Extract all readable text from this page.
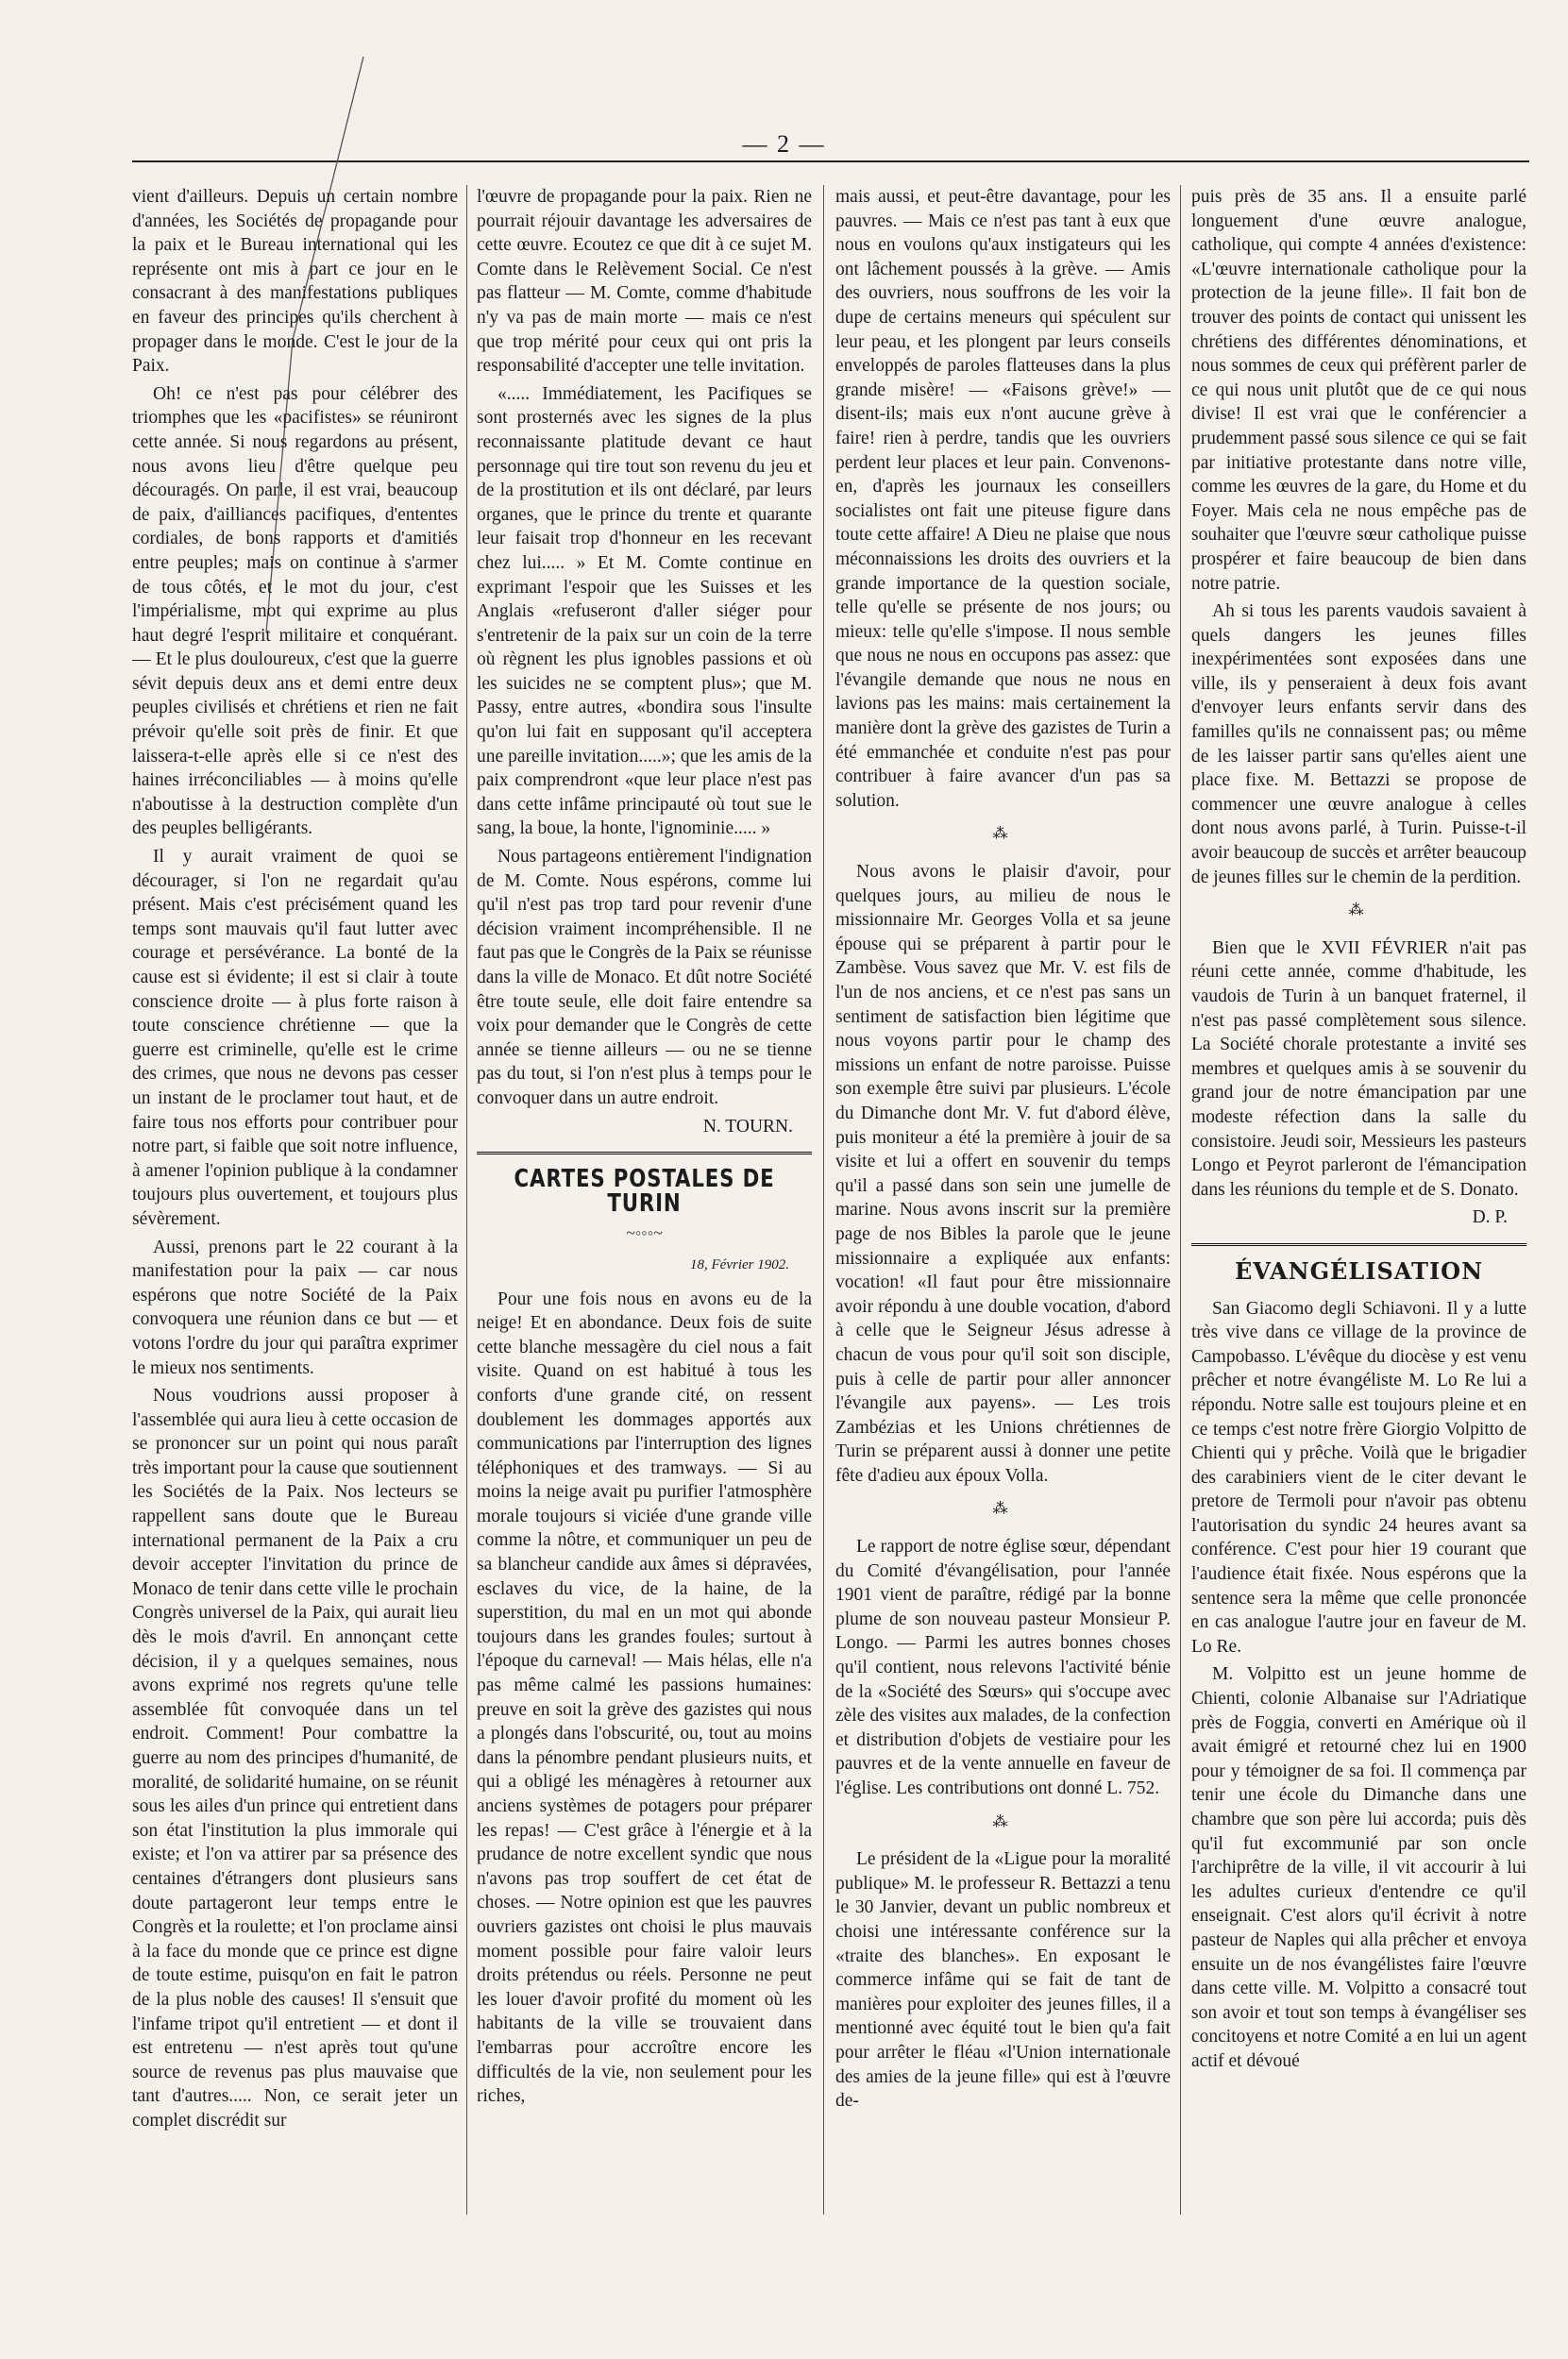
— 2 —

vient d'ailleurs. Depuis un certain nombre d'années, les Sociétés de propagande pour la paix et le Bureau international qui les représente ont mis à part ce jour en le consacrant à des manifestations publiques en faveur des principes qu'ils cherchent à propager dans le monde. C'est le jour de la Paix.

Oh! ce n'est pas pour célébrer des triomphes que les «pacifistes» se réuniront cette année. Si nous regardons au présent, nous avons lieu d'être quelque peu découragés. On parle, il est vrai, beaucoup de paix, d'ailliances pacifiques, d'ententes cordiales, de bons rapports et d'amitiés entre peuples; mais on continue à s'armer de tous côtés, et le mot du jour, c'est l'impérialisme, mot qui exprime au plus haut degré l'esprit militaire et conquérant. — Et le plus douloureux, c'est que la guerre sévit depuis deux ans et demi entre deux peuples civilisés et chrétiens et rien ne fait prévoir qu'elle soit près de finir. Et que laissera-t-elle après elle si ce n'est des haines irréconciliables — à moins qu'elle n'aboutisse à la destruction complète d'un des peuples belligérants.

Il y aurait vraiment de quoi se décourager, si l'on ne regardait qu'au présent. Mais c'est précisément quand les temps sont mauvais qu'il faut lutter avec courage et persévérance. La bonté de la cause est si évidente; il est si clair à toute conscience droite — à plus forte raison à toute conscience chrétienne — que la guerre est criminelle, qu'elle est le crime des crimes, que nous ne devons pas cesser un instant de le proclamer tout haut, et de faire tous nos efforts pour contribuer pour notre part, si faible que soit notre influence, à amener l'opinion publique à la condamner toujours plus ouvertement, et toujours plus sévèrement.

Aussi, prenons part le 22 courant à la manifestation pour la paix — car nous espérons que notre Société de la Paix convoquera une réunion dans ce but — et votons l'ordre du jour qui paraîtra exprimer le mieux nos sentiments.

Nous voudrions aussi proposer à l'assemblée qui aura lieu à cette occasion de se prononcer sur un point qui nous paraît très important pour la cause que soutiennent les Sociétés de la Paix. Nos lecteurs se rappellent sans doute que le Bureau international permanent de la Paix a cru devoir accepter l'invitation du prince de Monaco de tenir dans cette ville le prochain Congrès universel de la Paix, qui aurait lieu dès le mois d'avril. En annonçant cette décision, il y a quelques semaines, nous avons exprimé nos regrets qu'une telle assemblée fût convoquée dans un tel endroit. Comment! Pour combattre la guerre au nom des principes d'humanité, de moralité, de solidarité humaine, on se réunit sous les ailes d'un prince qui entretient dans son état l'institution la plus immorale qui existe; et l'on va attirer par sa présence des centaines d'étrangers dont plusieurs sans doute partageront leur temps entre le Congrès et la roulette; et l'on proclame ainsi à la face du monde que ce prince est digne de toute estime, puisqu'on en fait le patron de la plus noble des causes! Il s'ensuit que l'infame tripot qu'il entretient — et dont il est entretenu — n'est après tout qu'une source de revenus pas plus mauvaise que tant d'autres..... Non, ce serait jeter un complet discrédit sur

l'œuvre de propagande pour la paix. Rien ne pourrait réjouir davantage les adversaires de cette œuvre. Ecoutez ce que dit à ce sujet M. Comte dans le Relèvement Social. Ce n'est pas flatteur — M. Comte, comme d'habitude n'y va pas de main morte — mais ce n'est que trop mérité pour ceux qui ont pris la responsabilité d'accepter une telle invitation.

«..... Immédiatement, les Pacifiques se sont prosternés avec les signes de la plus reconnaissante platitude devant ce haut personnage qui tire tout son revenu du jeu et de la prostitution et ils ont déclaré, par leurs organes, que le prince du trente et quarante leur faisait trop d'honneur en les recevant chez lui..... » Et M. Comte continue en exprimant l'espoir que les Suisses et les Anglais «refuseront d'aller siéger pour s'entretenir de la paix sur un coin de la terre où règnent les plus ignobles passions et où les suicides ne se comptent plus»; que M. Passy, entre autres, «bondira sous l'insulte qu'on lui fait en supposant qu'il acceptera une pareille invitation.....»; que les amis de la paix comprendront «que leur place n'est pas dans cette infâme principauté où tout sue le sang, la boue, la honte, l'ignominie..... »

Nous partageons entièrement l'indignation de M. Comte. Nous espérons, comme lui qu'il n'est pas trop tard pour revenir d'une décision vraiment incompréhensible. Il ne faut pas que le Congrès de la Paix se réunisse dans la ville de Monaco. Et dût notre Société être toute seule, elle doit faire entendre sa voix pour demander que le Congrès de cette année se tienne ailleurs — ou ne se tienne pas du tout, si l'on n'est plus à temps pour le convoquer dans un autre endroit.

N. TOURN.
CARTES POSTALES DE TURIN
~◦◦◦~
18, Février 1902.

Pour une fois nous en avons eu de la neige! Et en abondance. Deux fois de suite cette blanche messagère du ciel nous a fait visite. Quand on est habitué à tous les conforts d'une grande cité, on ressent doublement les dommages apportés aux communications par l'interruption des lignes téléphoniques et des tramways. — Si au moins la neige avait pu purifier l'atmosphère morale toujours si viciée d'une grande ville comme la nôtre, et communiquer un peu de sa blancheur candide aux âmes si dépravées, esclaves du vice, de la haine, de la superstition, du mal en un mot qui abonde toujours dans les grandes foules; surtout à l'époque du carneval! — Mais hélas, elle n'a pas même calmé les passions humaines: preuve en soit la grève des gazistes qui nous a plongés dans l'obscurité, ou, tout au moins dans la pénombre pendant plusieurs nuits, et qui a obligé les ménagères à retourner aux anciens systèmes de potagers pour préparer les repas! — C'est grâce à l'énergie et à la prudance de notre excellent syndic que nous n'avons pas trop souffert de cet état de choses. — Notre opinion est que les pauvres ouvriers gazistes ont choisi le plus mauvais moment possible pour faire valoir leurs droits prétendus ou réels. Personne ne peut les louer d'avoir profité du moment où les habitants de la ville se trouvaient dans l'embarras pour accroître encore les difficultés de la vie, non seulement pour les riches,

mais aussi, et peut-être davantage, pour les pauvres. — Mais ce n'est pas tant à eux que nous en voulons qu'aux instigateurs qui les ont lâchement poussés à la grève. — Amis des ouvriers, nous souffrons de les voir la dupe de certains meneurs qui spéculent sur leur peau, et les plongent par leurs conseils enveloppés de paroles flatteuses dans la plus grande misère! — «Faisons grève!» — disent-ils; mais eux n'ont aucune grève à faire! rien à perdre, tandis que les ouvriers perdent leur places et leur pain. Convenons-en, d'après les journaux les conseillers socialistes ont fait une piteuse figure dans toute cette affaire! A Dieu ne plaise que nous méconnaissions les droits des ouvriers et la grande importance de la question sociale, telle qu'elle se présente de nos jours; ou mieux: telle qu'elle s'impose. Il nous semble que nous ne nous en occupons pas assez: que l'évangile demande que nous ne nous en lavions pas les mains: mais certainement la manière dont la grève des gazistes de Turin a été emmanchée et conduite n'est pas pour contribuer à faire avancer d'un pas sa solution.

⁂

Nous avons le plaisir d'avoir, pour quelques jours, au milieu de nous le missionnaire Mr. Georges Volla et sa jeune épouse qui se préparent à partir pour le Zambèse. Vous savez que Mr. V. est fils de l'un de nos anciens, et ce n'est pas sans un sentiment de satisfaction bien légitime que nous voyons partir pour le champ des missions un enfant de notre paroisse. Puisse son exemple être suivi par plusieurs. L'école du Dimanche dont Mr. V. fut d'abord élève, puis moniteur a été la première à jouir de sa visite et lui a offert en souvenir du temps qu'il a passé dans son sein une jumelle de marine. Nous avons inscrit sur la première page de nos Bibles la parole que le jeune missionnaire a expliquée aux enfants: vocation! «Il faut pour être missionnaire avoir répondu à une double vocation, d'abord à celle que le Seigneur Jésus adresse à chacun de vous pour qu'il soit son disciple, puis à celle de partir pour aller annoncer l'évangile aux payens». — Les trois Zambézias et les Unions chrétiennes de Turin se préparent aussi à donner une petite fête d'adieu aux époux Volla.

⁂

Le rapport de notre église sœur, dépendant du Comité d'évangélisation, pour l'année 1901 vient de paraître, rédigé par la bonne plume de son nouveau pasteur Monsieur P. Longo. — Parmi les autres bonnes choses qu'il contient, nous relevons l'activité bénie de la «Société des Sœurs» qui s'occupe avec zèle des visites aux malades, de la confection et distribution d'objets de vestiaire pour les pauvres et de la vente annuelle en faveur de l'église. Les contributions ont donné L. 752.

⁂

Le président de la «Ligue pour la moralité publique» M. le professeur R. Bettazzi a tenu le 30 Janvier, devant un public nombreux et choisi une intéressante conférence sur la «traite des blanches». En exposant le commerce infâme qui se fait de tant de manières pour exploiter des jeunes filles, il a mentionné avec équité tout le bien qu'a fait pour arrêter le fléau «l'Union internationale des amies de la jeune fille» qui est à l'œuvre de-

puis près de 35 ans. Il a ensuite parlé longuement d'une œuvre analogue, catholique, qui compte 4 années d'existence: «L'œuvre internationale catholique pour la protection de la jeune fille». Il fait bon de trouver des points de contact qui unissent les chrétiens des différentes dénominations, et nous sommes de ceux qui préfèrent parler de ce qui nous unit plutôt que de ce qui nous divise! Il est vrai que le conférencier a prudemment passé sous silence ce qui se fait par initiative protestante dans notre ville, comme les œuvres de la gare, du Home et du Foyer. Mais cela ne nous empêche pas de souhaiter que l'œuvre sœur catholique puisse prospérer et faire beaucoup de bien dans notre patrie.

Ah si tous les parents vaudois savaient à quels dangers les jeunes filles inexpérimentées sont exposées dans une ville, ils y penseraient à deux fois avant d'envoyer leurs enfants servir dans des familles qu'ils ne connaissent pas; ou même de les laisser partir sans qu'elles aient une place fixe. M. Bettazzi se propose de commencer une œuvre analogue à celles dont nous avons parlé, à Turin. Puisse-t-il avoir beaucoup de succès et arrêter beaucoup de jeunes filles sur le chemin de la perdition.

⁂

Bien que le XVII FÉVRIER n'ait pas réuni cette année, comme d'habitude, les vaudois de Turin à un banquet fraternel, il n'est pas passé complètement sous silence. La Société chorale protestante a invité ses membres et quelques amis à se souvenir du grand jour de notre émancipation par une modeste réfection dans la salle du consistoire. Jeudi soir, Messieurs les pasteurs Longo et Peyrot parleront de l'émancipation dans les réunions du temple et de S. Donato.

D. P.
ÉVANGÉLISATION

San Giacomo degli Schiavoni. Il y a lutte très vive dans ce village de la province de Campobasso. L'évêque du diocèse y est venu prêcher et notre évangéliste M. Lo Re lui a répondu. Notre salle est toujours pleine et en ce temps c'est notre frère Giorgio Volpitto de Chienti qui y prêche. Voilà que le brigadier des carabiniers vient de le citer devant le pretore de Termoli pour n'avoir pas obtenu l'autorisation du syndic 24 heures avant sa conférence. C'est pour hier 19 courant que l'audience était fixée. Nous espérons que la sentence sera la même que celle prononcée en cas analogue l'autre jour en faveur de M. Lo Re.

M. Volpitto est un jeune homme de Chienti, colonie Albanaise sur l'Adriatique près de Foggia, converti en Amérique où il avait émigré et retourné chez lui en 1900 pour y témoigner de sa foi. Il commença par tenir une école du Dimanche dans une chambre que son père lui accorda; puis dès qu'il fut excommunié par son oncle l'archiprêtre de la ville, il vit accourir à lui les adultes curieux d'entendre ce qu'il enseignait. C'est alors qu'il écrivit à notre pasteur de Naples qui alla prêcher et envoya ensuite un de nos évangélistes faire l'œuvre dans cette ville. M. Volpitto a consacré tout son avoir et tout son temps à évangéliser ses concitoyens et notre Comité a en lui un agent actif et dévoué
